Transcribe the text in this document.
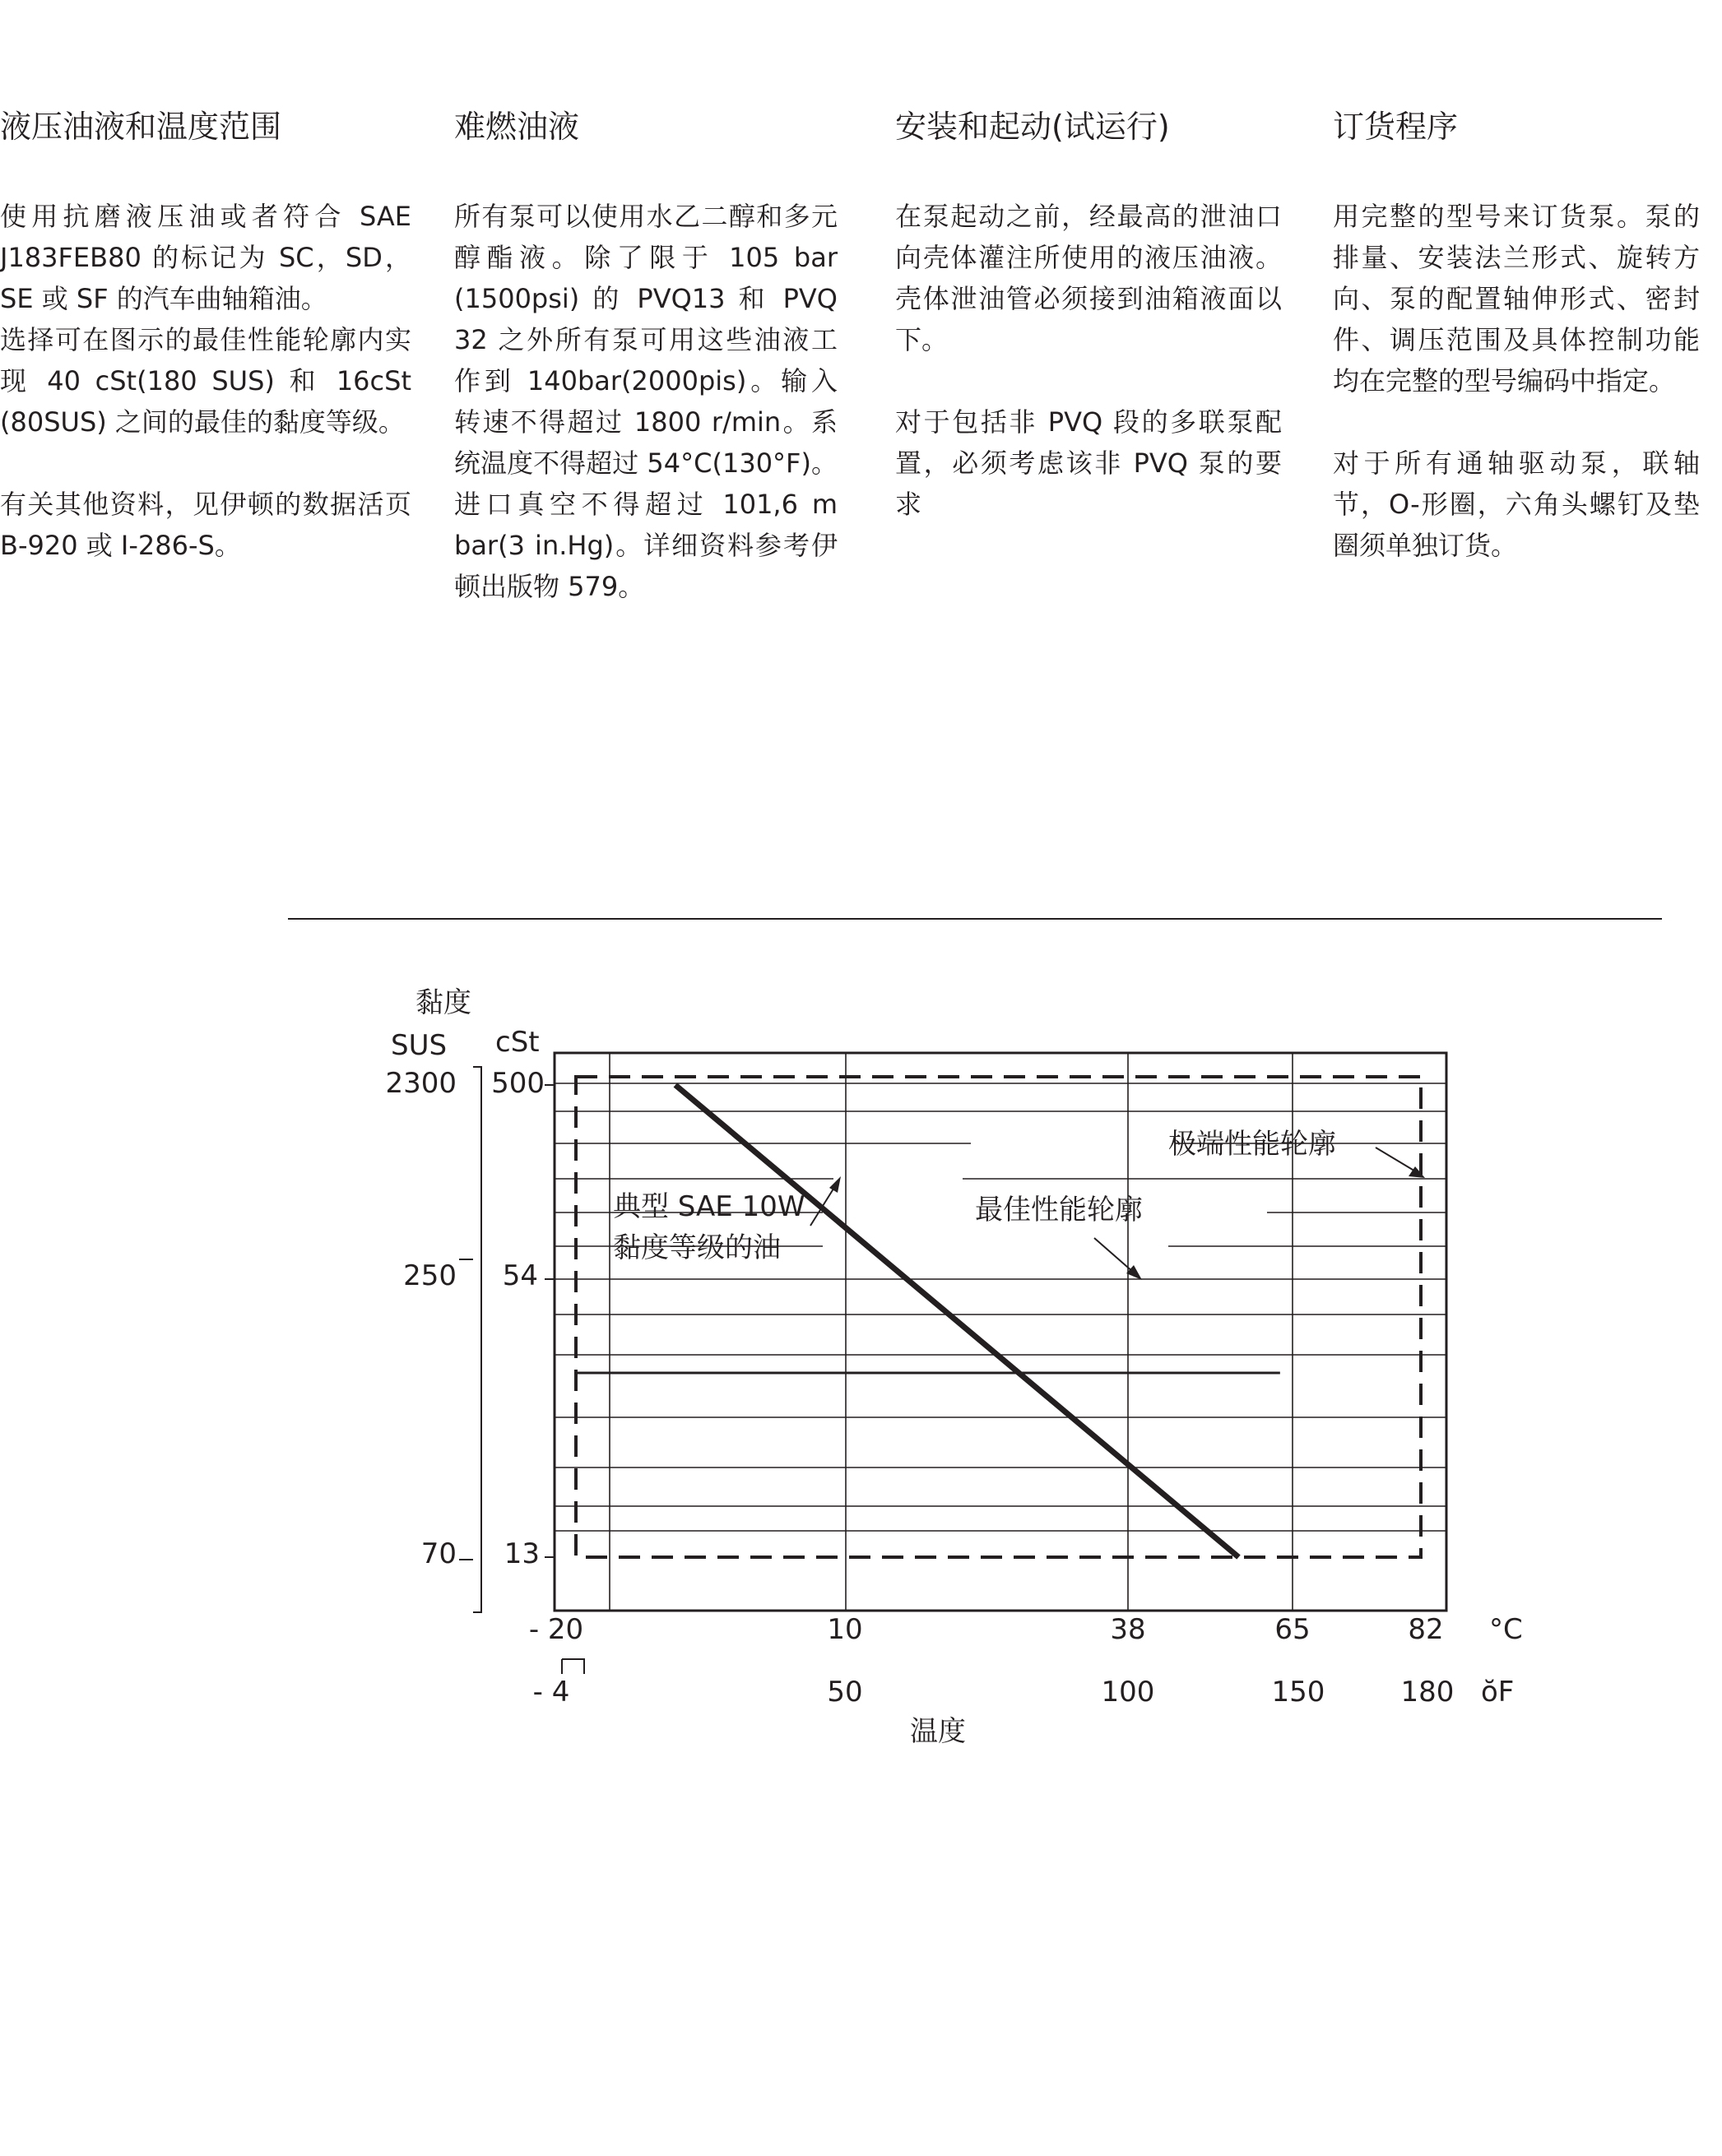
液压油液和温度范围

使用抗磨液压油或者符合 SAE J183FEB80 的标记为 SC，SD，SE 或 SF 的汽车曲轴箱油。

选择可在图示的最佳性能轮廓内实现 40 cSt(180 SUS) 和 16cSt (80SUS) 之间的最佳的黏度等级。

有关其他资料，见伊顿的数据活页 B-920 或 I-286-S。

难燃油液

所有泵可以使用水乙二醇和多元醇酯液。除了限于 105 bar (1500psi) 的 PVQ13 和 PVQ 32 之外所有泵可用这些油液工作到 140bar(2000pis)。输入转速不得超过 1800 r/min。系统温度不得超过 54°C(130°F)。进口真空不得超过 101,6 m bar(3 in.Hg)。详细资料参考伊顿出版物 579。

安装和起动(试运行)

在泵起动之前，经最高的泄油口向壳体灌注所使用的液压油液。壳体泄油管必须接到油箱液面以下。

对于包括非 PVQ 段的多联泵配置，必须考虑该非 PVQ 泵的要求

订货程序

用完整的型号来订货泵。泵的排量、安装法兰形式、旋转方向、泵的配置轴伸形式、密封件、调压范围及具体控制功能均在完整的型号编码中指定。

对于所有通轴驱动泵，联轴节，O-形圈，六角头螺钉及垫圈须单独订货。

黏度
SUS cSt
2300
250
70
500
54
13
- 20	10	38	65	82 °C
- 4	50	100	150	180 ŏF
温度
典型 SAE 10W
黏度等级的油
最佳性能轮廓
极端性能轮廓
